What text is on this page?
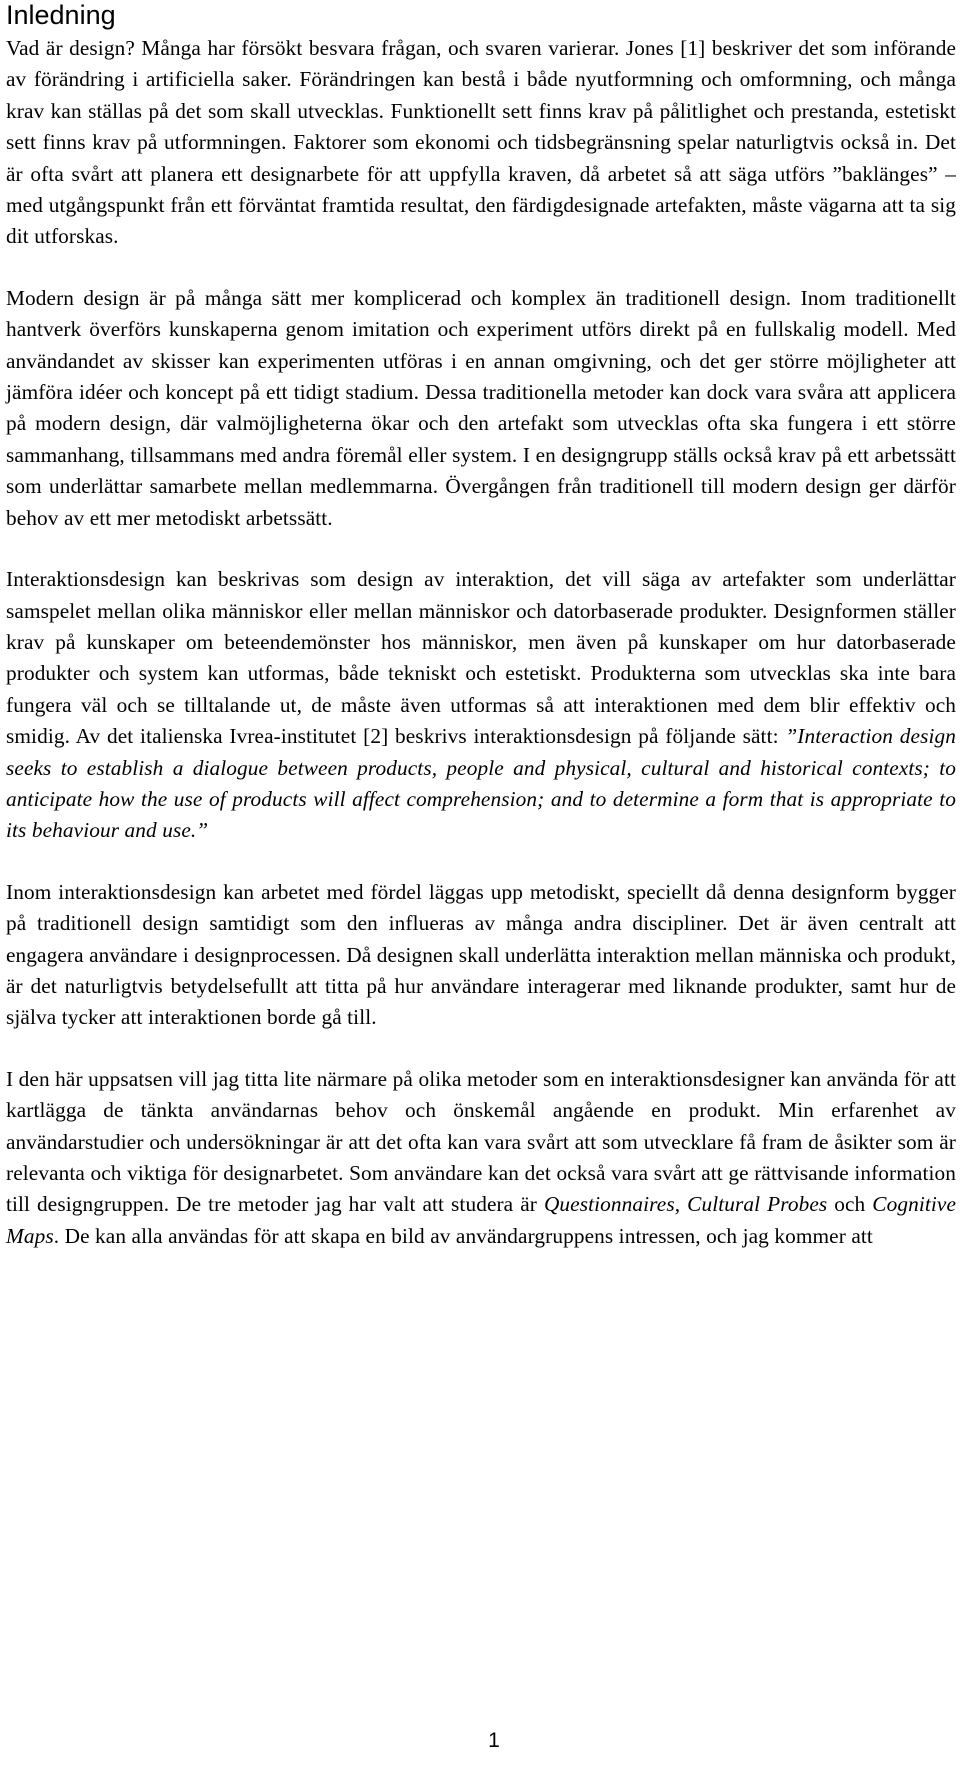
Inledning

Vad är design? Många har försökt besvara frågan, och svaren varierar. Jones [1] beskriver det som införande av förändring i artificiella saker. Förändringen kan bestå i både nyutformning och omformning, och många krav kan ställas på det som skall utvecklas. Funktionellt sett finns krav på pålitlighet och prestanda, estetiskt sett finns krav på utformningen. Faktorer som ekonomi och tidsbegränsning spelar naturligtvis också in. Det är ofta svårt att planera ett designarbete för att uppfylla kraven, då arbetet så att säga utförs ”baklänges” – med utgångspunkt från ett förväntat framtida resultat, den färdigdesignade artefakten, måste vägarna att ta sig dit utforskas.

Modern design är på många sätt mer komplicerad och komplex än traditionell design. Inom traditionellt hantverk överförs kunskaperna genom imitation och experiment utförs direkt på en fullskalig modell. Med användandet av skisser kan experimenten utföras i en annan omgivning, och det ger större möjligheter att jämföra idéer och koncept på ett tidigt stadium. Dessa traditionella metoder kan dock vara svåra att applicera på modern design, där valmöjligheterna ökar och den artefakt som utvecklas ofta ska fungera i ett större sammanhang, tillsammans med andra föremål eller system. I en designgrupp ställs också krav på ett arbetssätt som underlättar samarbete mellan medlemmarna. Övergången från traditionell till modern design ger därför behov av ett mer metodiskt arbetssätt.

Interaktionsdesign kan beskrivas som design av interaktion, det vill säga av artefakter som underlättar samspelet mellan olika människor eller mellan människor och datorbaserade produkter. Designformen ställer krav på kunskaper om beteendemönster hos människor, men även på kunskaper om hur datorbaserade produkter och system kan utformas, både tekniskt och estetiskt. Produkterna som utvecklas ska inte bara fungera väl och se tilltalande ut, de måste även utformas så att interaktionen med dem blir effektiv och smidig. Av det italienska Ivrea-institutet [2] beskrivs interaktionsdesign på följande sätt: ”Interaction design seeks to establish a dialogue between products, people and physical, cultural and historical contexts; to anticipate how the use of products will affect comprehension; and to determine a form that is appropriate to its behaviour and use.”

Inom interaktionsdesign kan arbetet med fördel läggas upp metodiskt, speciellt då denna designform bygger på traditionell design samtidigt som den influeras av många andra discipliner. Det är även centralt att engagera användare i designprocessen. Då designen skall underlätta interaktion mellan människa och produkt, är det naturligtvis betydelsefullt att titta på hur användare interagerar med liknande produkter, samt hur de själva tycker att interaktionen borde gå till.

I den här uppsatsen vill jag titta lite närmare på olika metoder som en interaktionsdesigner kan använda för att kartlägga de tänkta användarnas behov och önskemål angående en produkt. Min erfarenhet av användarstudier och undersökningar är att det ofta kan vara svårt att som utvecklare få fram de åsikter som är relevanta och viktiga för designarbetet. Som användare kan det också vara svårt att ge rättvisande information till designgruppen. De tre metoder jag har valt att studera är Questionnaires, Cultural Probes och Cognitive Maps. De kan alla användas för att skapa en bild av användargruppens intressen, och jag kommer att

1
